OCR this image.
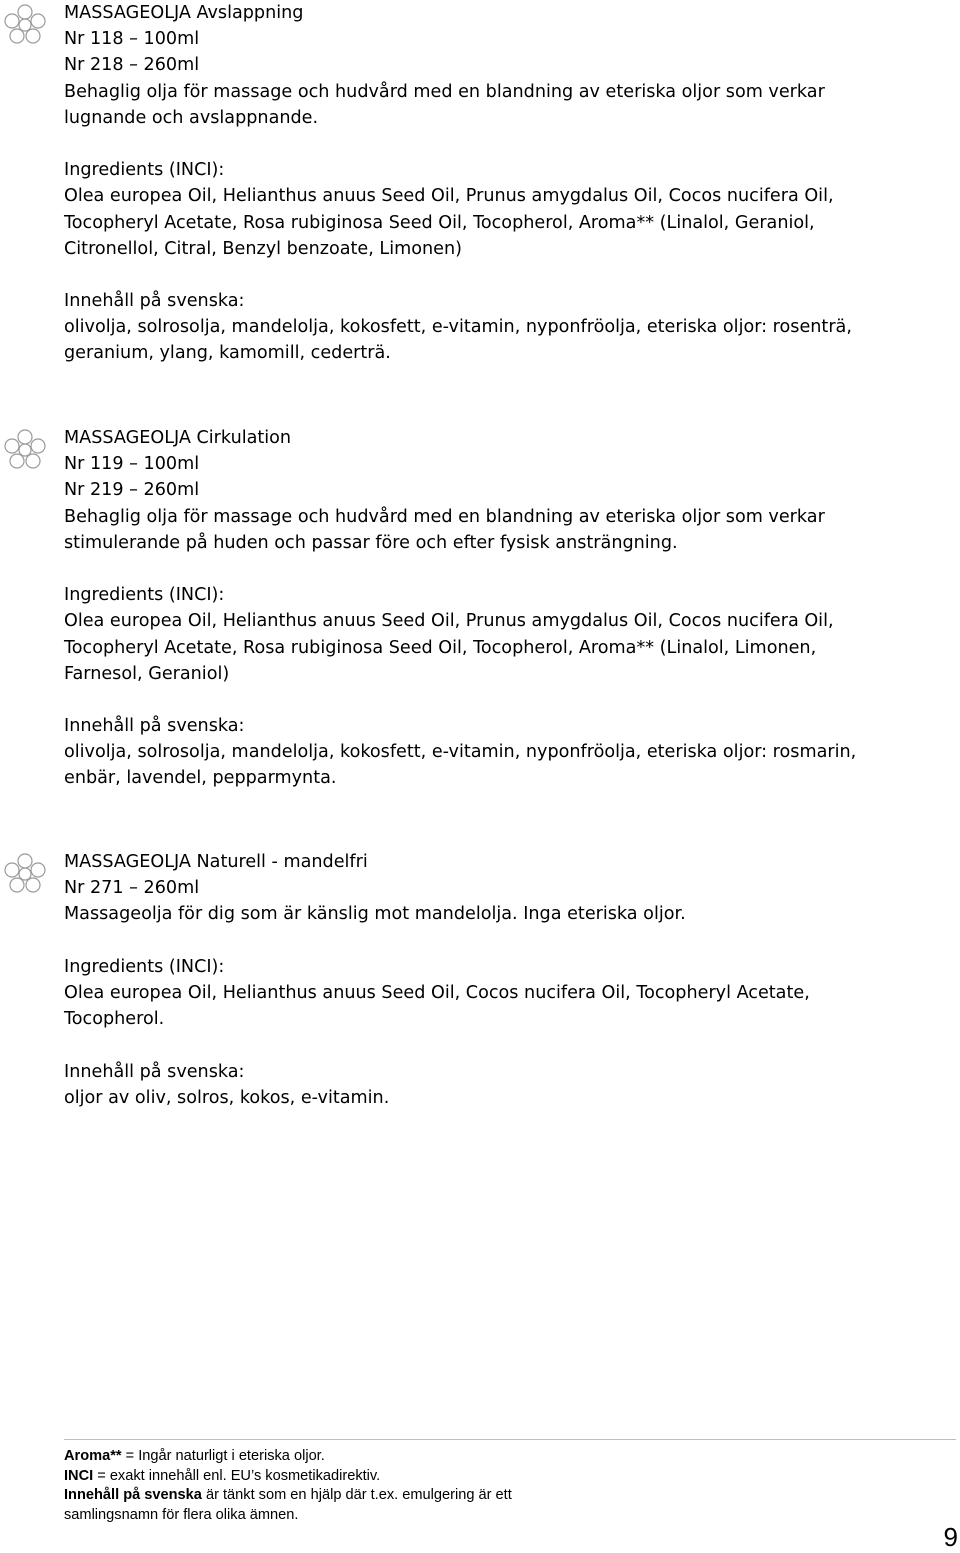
MASSAGEOLJA Avslappning
Nr 118 – 100ml
Nr 218 – 260ml
Behaglig olja för massage och hudvård med en blandning av eteriska oljor som verkar
lugnande och avslappnande.
Ingredients (INCI):
Olea europea Oil, Helianthus anuus Seed Oil, Prunus amygdalus Oil, Cocos nucifera Oil,
Tocopheryl Acetate, Rosa rubiginosa Seed Oil, Tocopherol, Aroma** (Linalol, Geraniol,
Citronellol, Citral, Benzyl benzoate, Limonen)
Innehåll på svenska:
olivolja, solrosolja, mandelolja, kokosfett, e-vitamin, nyponfröolja, eteriska oljor: rosenträ,
geranium, ylang, kamomill, cederträ.
MASSAGEOLJA Cirkulation
Nr 119 – 100ml
Nr 219 – 260ml
Behaglig olja för massage och hudvård med en blandning av eteriska oljor som verkar
stimulerande på huden och passar före och efter fysisk ansträngning.
Ingredients (INCI):
Olea europea Oil, Helianthus anuus Seed Oil, Prunus amygdalus Oil, Cocos nucifera Oil,
Tocopheryl Acetate, Rosa rubiginosa Seed Oil, Tocopherol, Aroma** (Linalol, Limonen,
Farnesol, Geraniol)
Innehåll på svenska:
olivolja, solrosolja, mandelolja, kokosfett, e-vitamin, nyponfröolja, eteriska oljor: rosmarin,
enbär, lavendel, pepparmynta.
MASSAGEOLJA Naturell - mandelfri
Nr 271 – 260ml
Massageolja för dig som är känslig mot mandelolja. Inga eteriska oljor.
Ingredients (INCI):
Olea europea Oil, Helianthus anuus Seed Oil, Cocos nucifera Oil, Tocopheryl Acetate,
Tocopherol.
Innehåll på svenska:
oljor av oliv, solros, kokos, e-vitamin.
Aroma** = Ingår naturligt i eteriska oljor.
INCI = exakt innehåll enl. EU’s kosmetikadirektiv.
Innehåll på svenska är tänkt som en hjälp där t.ex. emulgering är ett
samlingsnamn för flera olika ämnen.
9
